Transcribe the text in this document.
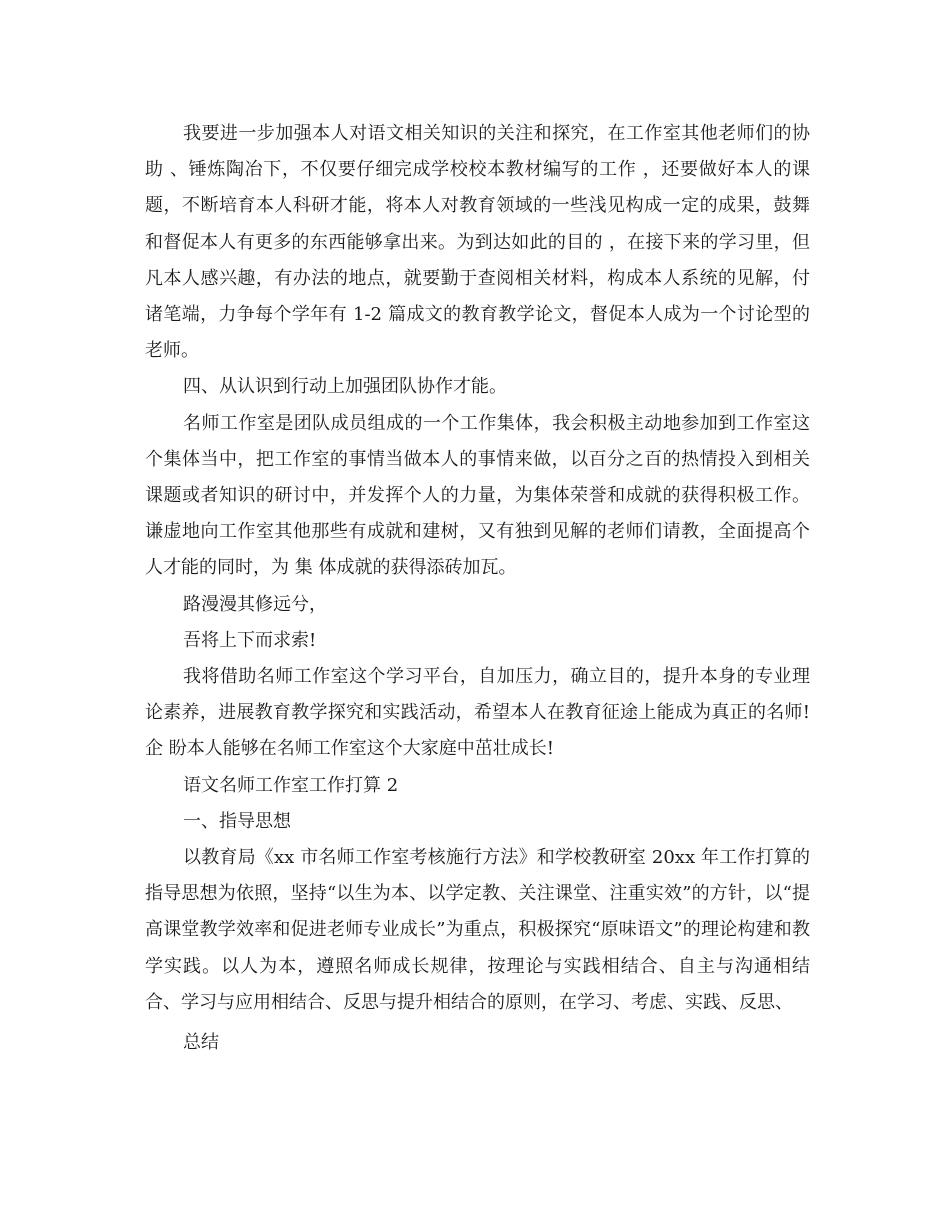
我要进一步加强本人对语文相关知识的关注和探究，在工作室其他老师们的协助 、锤炼陶冶下，不仅要仔细完成学校校本教材编写的工作 ，还要做好本人的课题，不断培育本人科研才能，将本人对教育领域的一些浅见构成一定的成果，鼓舞和督促本人有更多的东西能够拿出来。为到达如此的目的 ，在接下来的学习里，但凡本人感兴趣，有办法的地点，就要勤于查阅相关材料，构成本人系统的见解，付诸笔端，力争每个学年有 1-2 篇成文的教育教学论文，督促本人成为一个讨论型的老师。

四、从认识到行动上加强团队协作才能。

名师工作室是团队成员组成的一个工作集体，我会积极主动地参加到工作室这个集体当中，把工作室的事情当做本人的事情来做，以百分之百的热情投入到相关课题或者知识的研讨中，并发挥个人的力量，为集体荣誉和成就的获得积极工作。谦虚地向工作室其他那些有成就和建树，又有独到见解的老师们请教，全面提高个人才能的同时，为 集 体成就的获得添砖加瓦。

路漫漫其修远兮，

吾将上下而求索!

我将借助名师工作室这个学习平台，自加压力，确立目的，提升本身的专业理论素养，进展教育教学探究和实践活动，希望本人在教育征途上能成为真正的名师!企 盼本人能够在名师工作室这个大家庭中茁壮成长!

语文名师工作室工作打算 2

一、指导思想

以教育局《xx 市名师工作室考核施行方法》和学校教研室 20xx 年工作打算的指导思想为依照，坚持“以生为本、以学定教、关注课堂、注重实效”的方针，以“提高课堂教学效率和促进老师专业成长”为重点，积极探究“原味语文”的理论构建和教学实践。以人为本，遵照名师成长规律，按理论与实践相结合、自主与沟通相结合、学习与应用相结合、反思与提升相结合的原则，在学习、考虑、实践、反思、

总结
